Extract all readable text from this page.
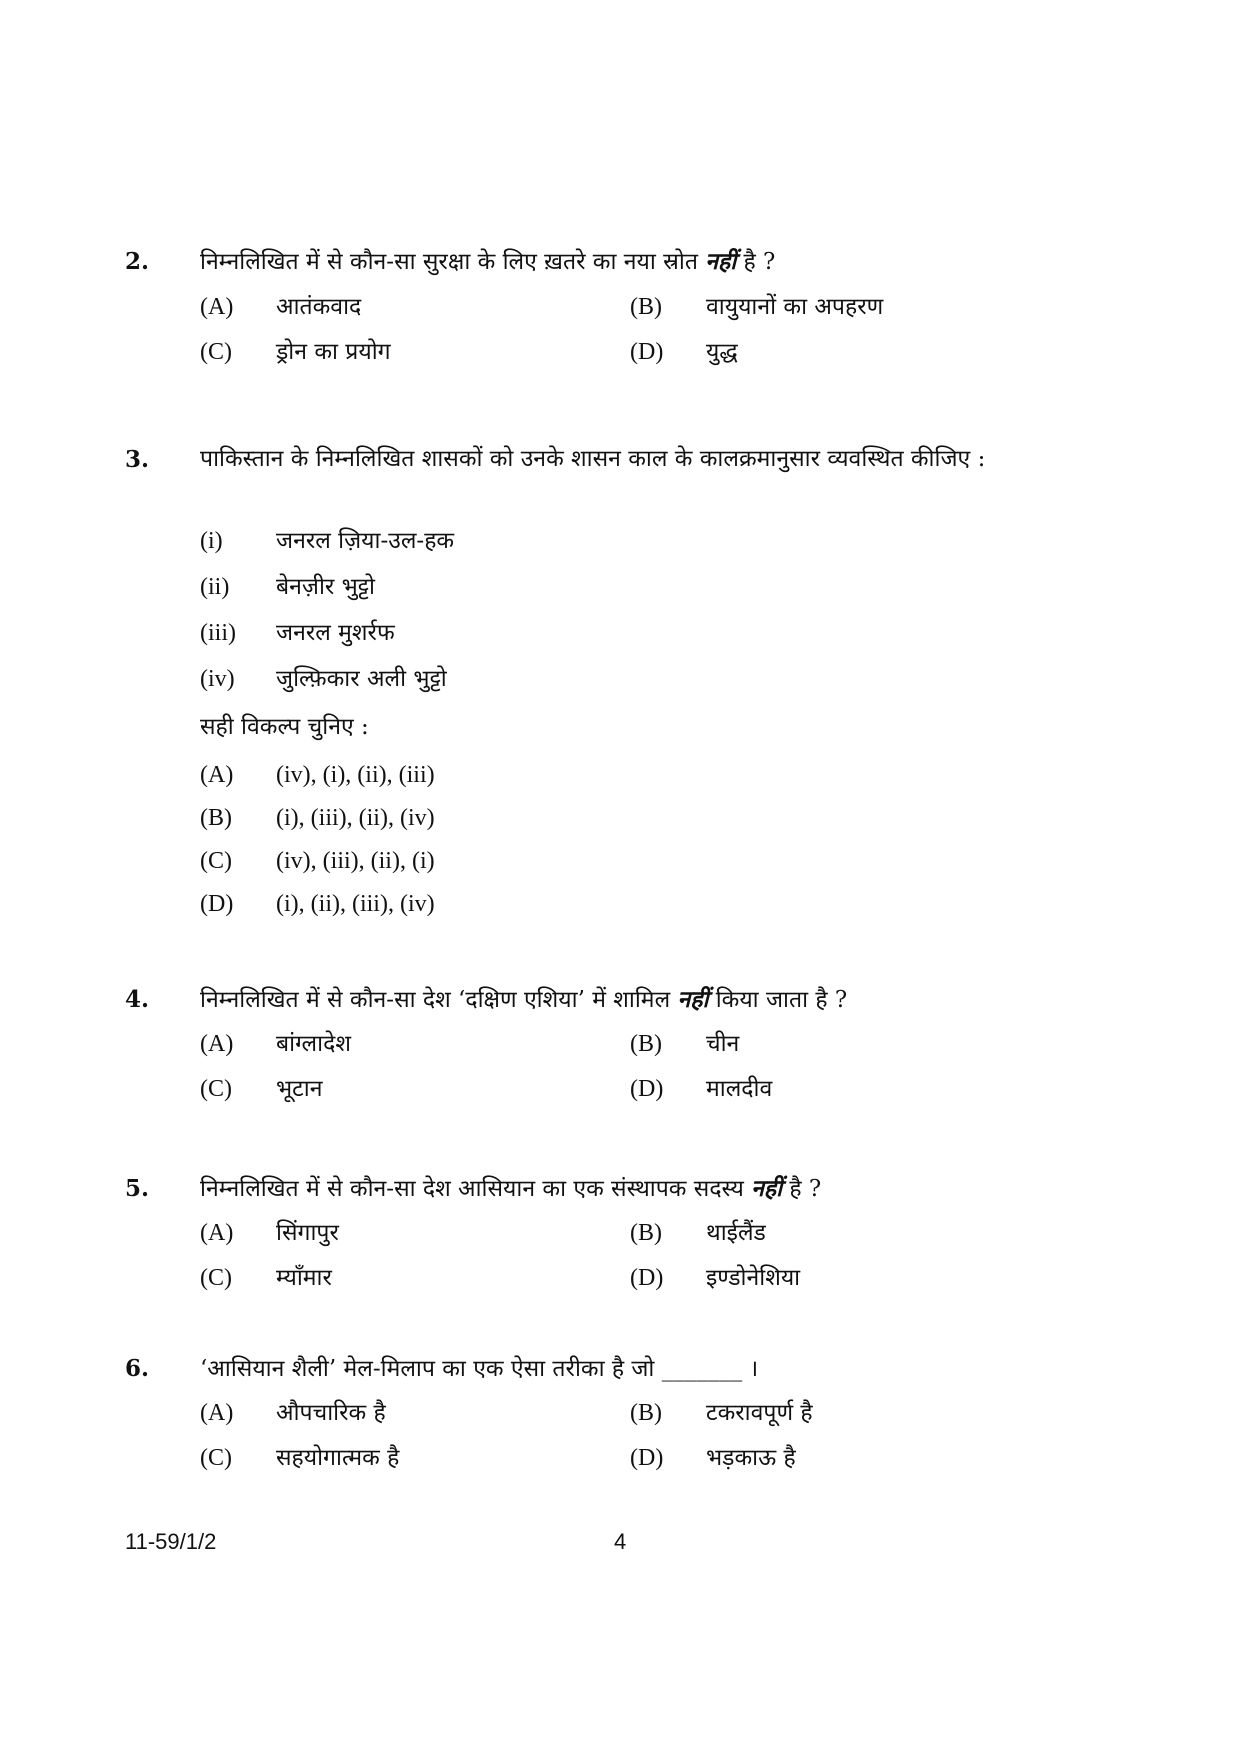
2. निम्नलिखित में से कौन-सा सुरक्षा के लिए ख़तरे का नया स्रोत नहीं है ?
(A) आतंकवाद	(B) वायुयानों का अपहरण
(C) ड्रोन का प्रयोग	(D) युद्ध
3. पाकिस्तान के निम्नलिखित शासकों को उनके शासन काल के कालक्रमानुसार व्यवस्थित कीजिए :
(i) जनरल ज़िया-उल-हक
(ii) बेनज़ीर भुट्टो
(iii) जनरल मुशर्रफ
(iv) जुल्फ़िकार अली भुट्टो
सही विकल्प चुनिए :
(A) (iv), (i), (ii), (iii)
(B) (i), (iii), (ii), (iv)
(C) (iv), (iii), (ii), (i)
(D) (i), (ii), (iii), (iv)
4. निम्नलिखित में से कौन-सा देश ‘दक्षिण एशिया’ में शामिल नहीं किया जाता है ?
(A) बांग्लादेश	(B) चीन
(C) भूटान	(D) मालदीव
5. निम्नलिखित में से कौन-सा देश आसियान का एक संस्थापक सदस्य नहीं है ?
(A) सिंगापुर	(B) थाईलैंड
(C) म्याँमार	(D) इण्डोनेशिया
6. ‘आसियान शैली’ मेल-मिलाप का एक ऐसा तरीका है जो _______ ।
(A) औपचारिक है	(B) टकरावपूर्ण है
(C) सहयोगात्मक है	(D) भड़काऊ है
11-59/1/2	4
